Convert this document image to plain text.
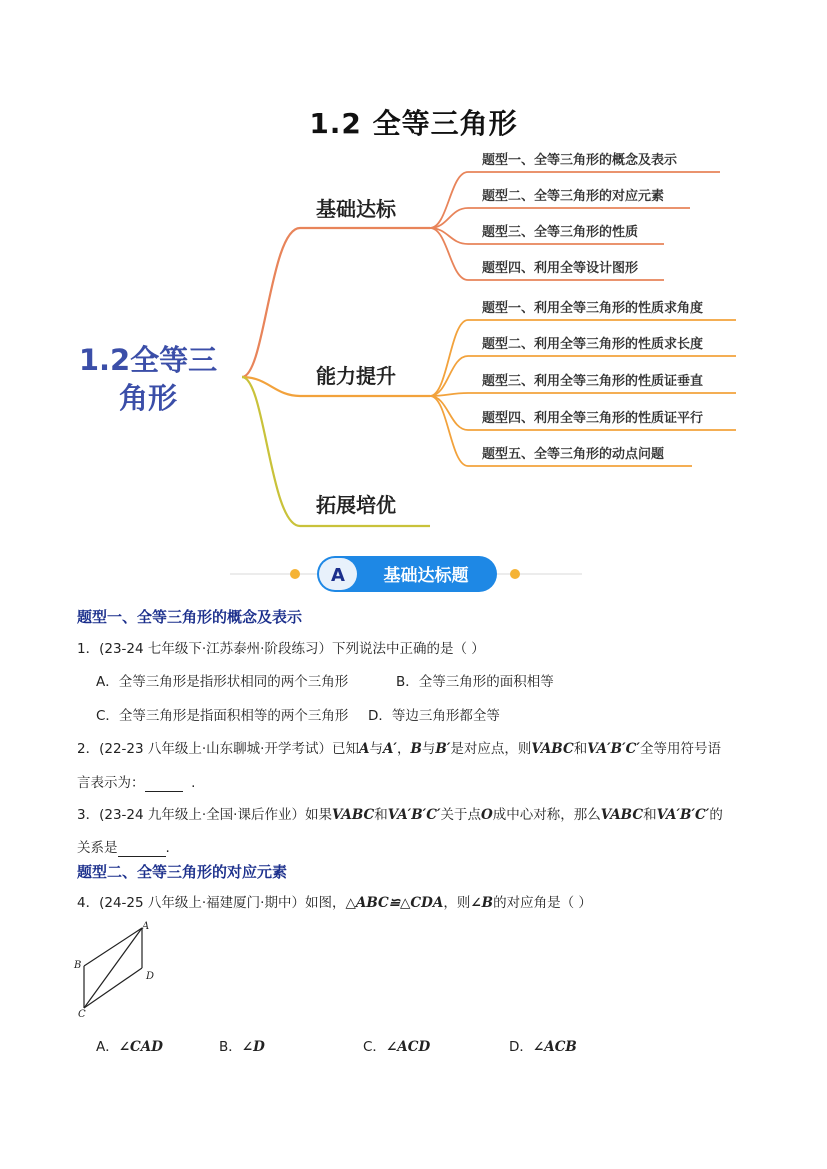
1.2 全等三角形
1.2全等三
角形
基础达标
能力提升
拓展培优
题型一、全等三角形的概念及表示
题型二、全等三角形的对应元素
题型三、全等三角形的性质
题型四、利用全等设计图形
题型一、利用全等三角形的性质求角度
题型二、利用全等三角形的性质求长度
题型三、利用全等三角形的性质证垂直
题型四、利用全等三角形的性质证平行
题型五、全等三角形的动点问题
A 基础达标题
题型一、全等三角形的概念及表示
1．(23-24 七年级下·江苏泰州·阶段练习）下列说法中正确的是（ ）
A．全等三角形是指形状相同的两个三角形	B．全等三角形的面积相等
C．全等三角形是指面积相等的两个三角形 D．等边三角形都全等
2．(22-23 八年级上·山东聊城·开学考试）已知A与A′，B与B′是对应点，则VABC和VA′B′C′全等用符号语
言表示为：	.
3．(23-24 九年级上·全国·课后作业）如果VABC和VA′B′C′关于点O成中心对称，那么VABC和VA′B′C′的
关系是	.
题型二、全等三角形的对应元素
4．(24-25 八年级上·福建厦门·期中）如图，△ABC≌△CDA，则∠B的对应角是（ ）
A
B
C
D
A．∠CAD	B．∠D	C．∠ACD	D．∠ACB
